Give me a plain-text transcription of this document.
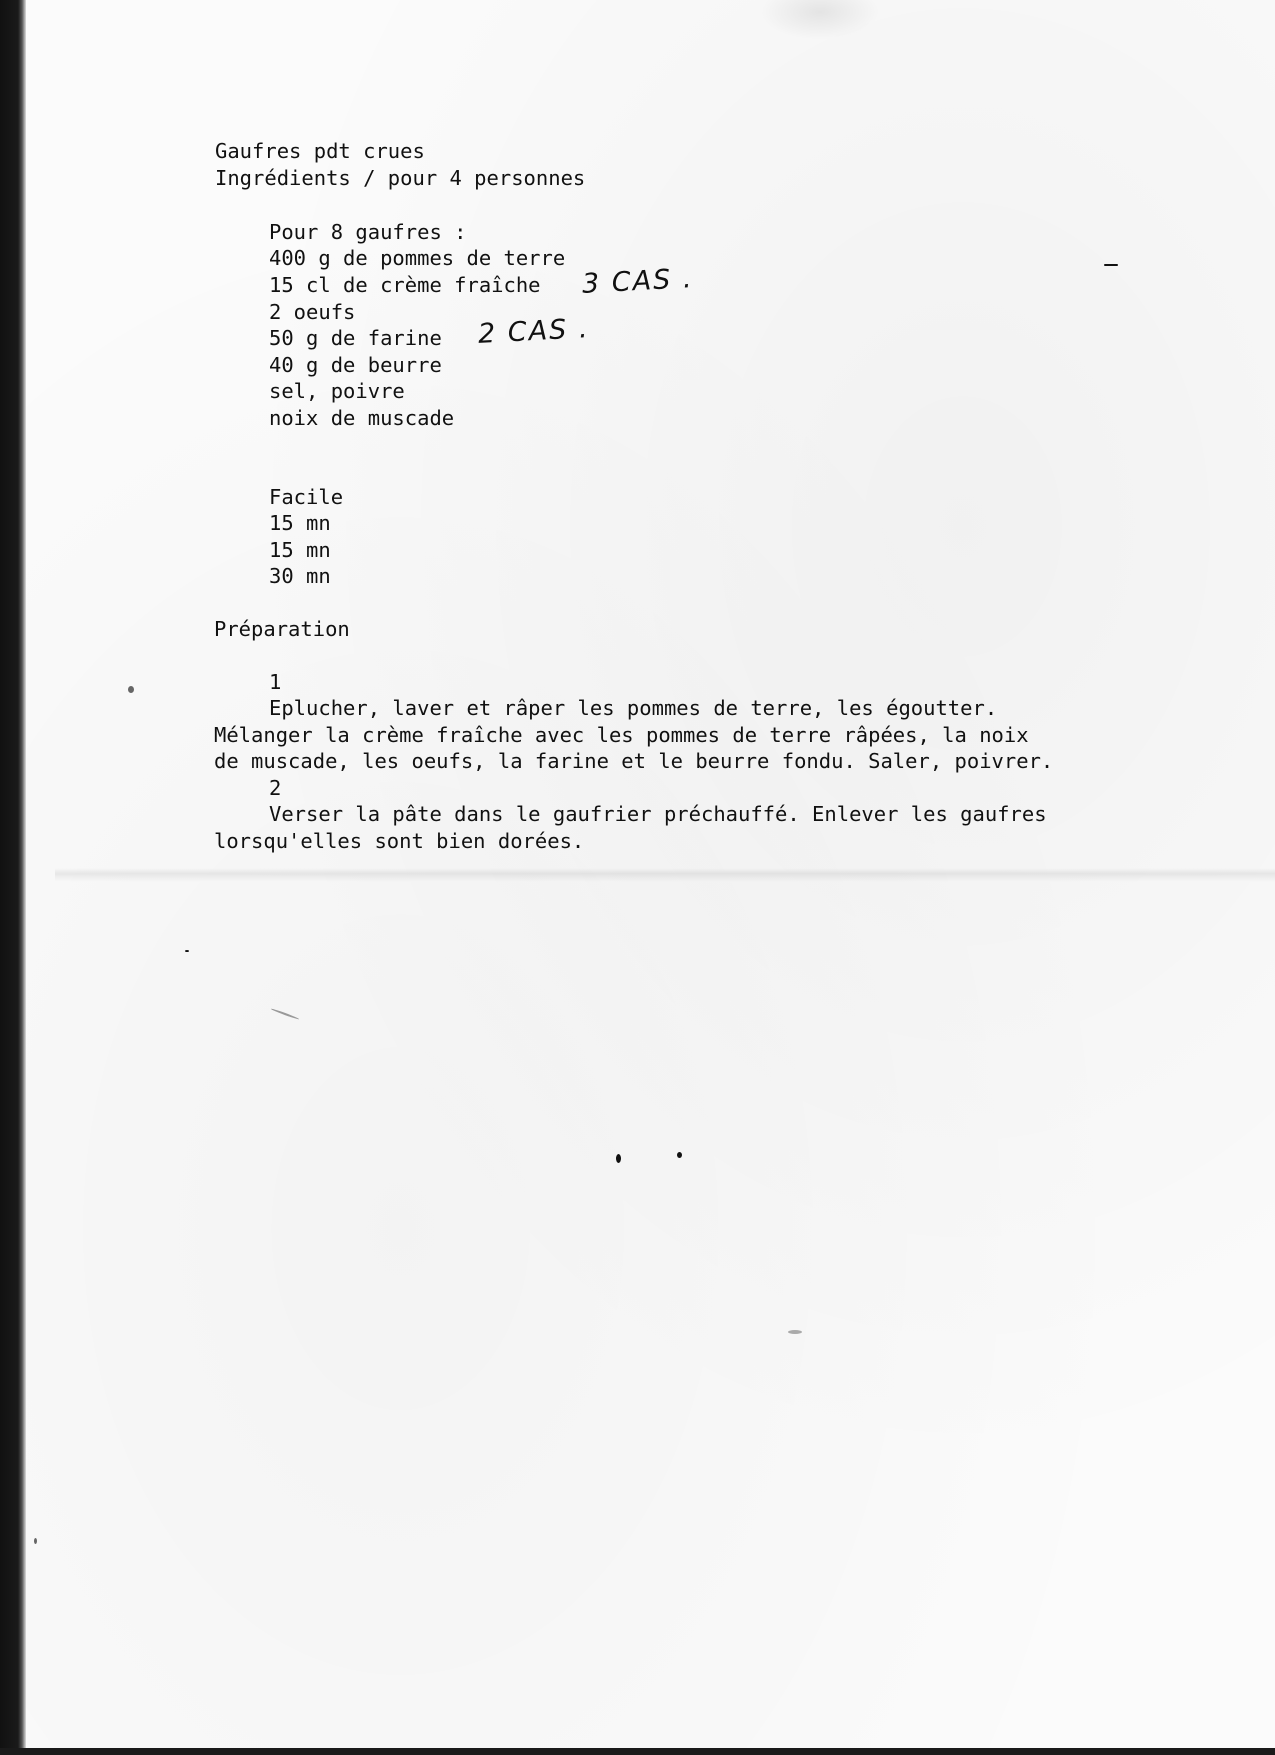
Gaufres pdt crues

Ingrédients / pour 4 personnes

Pour 8 gaufres :

400 g de pommes de terre

15 cl de crème fraîche

2 oeufs

50 g de farine

40 g de beurre

sel, poivre

noix de muscade

3 CAS .
2 CAS .

Facile

15 mn

15 mn

30 mn

Préparation

1

Eplucher, laver et râper les pommes de terre, les égoutter.

Mélanger la crème fraîche avec les pommes de terre râpées, la noix

de muscade, les oeufs, la farine et le beurre fondu. Saler, poivrer.

2

Verser la pâte dans le gaufrier préchauffé. Enlever les gaufres

lorsqu'elles sont bien dorées.
